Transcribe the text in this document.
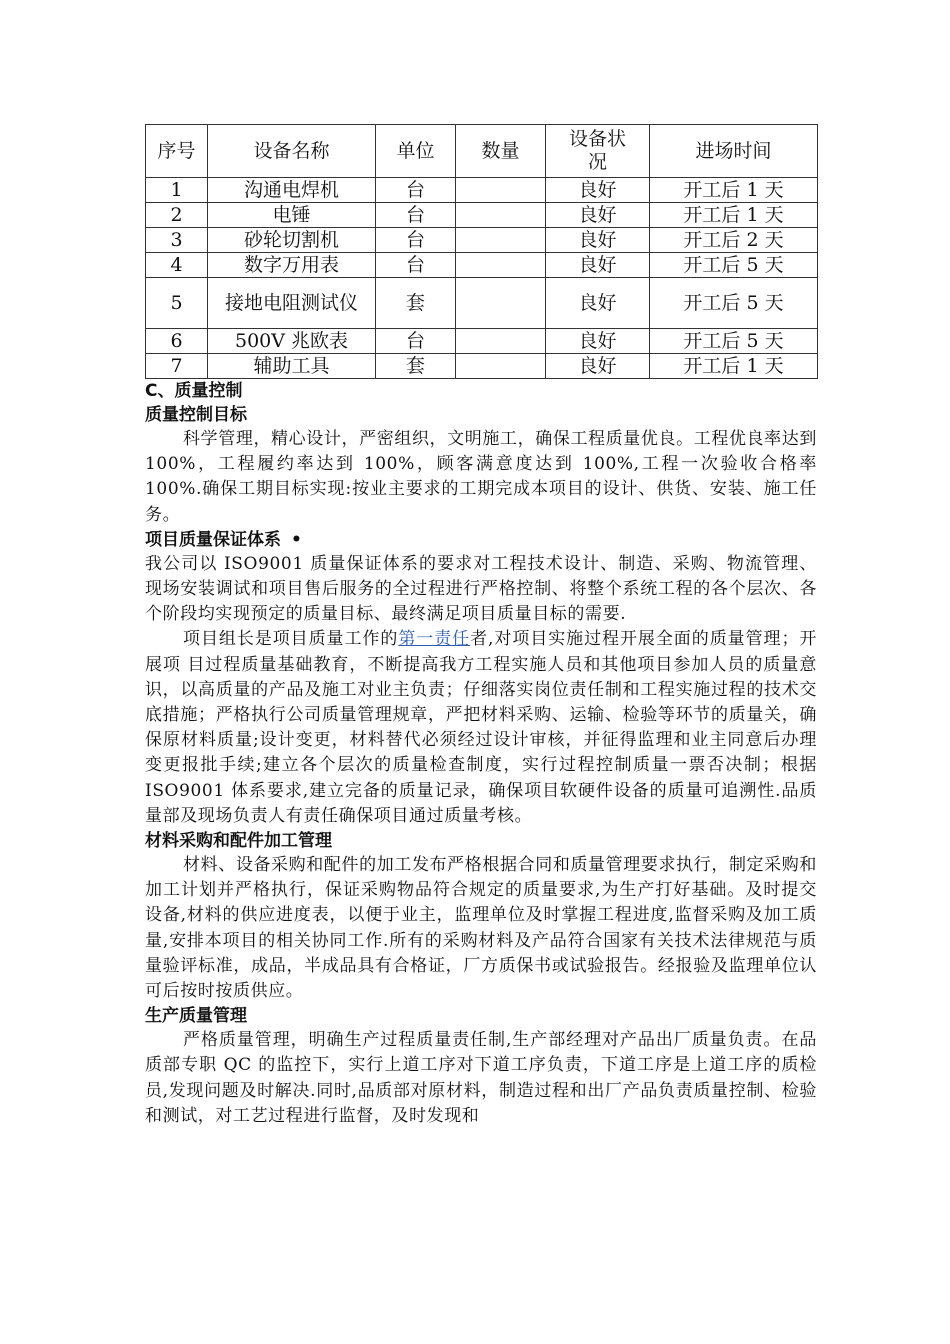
序号	设备名称	单位	数量	设备状况	进场时间
1	沟通电焊机	台		良好	开工后 1 天
2	电锤	台		良好	开工后 1 天
3	砂轮切割机	台		良好	开工后 2 天
4	数字万用表	台		良好	开工后 5 天
5	接地电阻测试仪	套		良好	开工后 5 天
6	500V 兆欧表	台		良好	开工后 5 天
7	辅助工具	套		良好	开工后 1 天

C、质量控制

质量控制目标

科学管理，精心设计，严密组织，文明施工，确保工程质量优良。工程优良率达到 100%，工程履约率达到 100%，顾客满意度达到 100%,工程一次验收合格率 100%.确保工期目标实现:按业主要求的工期完成本项目的设计、供货、安装、施工任务。

项目质量保证体系 •

我公司以 ISO9001 质量保证体系的要求对工程技术设计、制造、采购、物流管理、现场安装调试和项目售后服务的全过程进行严格控制、将整个系统工程的各个层次、各个阶段均实现预定的质量目标、最终满足项目质量目标的需要.

项目组长是项目质量工作的第一责任者,对项目实施过程开展全面的质量管理；开展项 目过程质量基础教育，不断提高我方工程实施人员和其他项目参加人员的质量意识，以高质量的产品及施工对业主负责；仔细落实岗位责任制和工程实施过程的技术交底措施；严格执行公司质量管理规章，严把材料采购、运输、检验等环节的质量关，确保原材料质量;设计变更，材料替代必须经过设计审核，并征得监理和业主同意后办理变更报批手续;建立各个层次的质量检查制度，实行过程控制质量一票否决制；根据 ISO9001 体系要求,建立完备的质量记录，确保项目软硬件设备的质量可追溯性.品质量部及现场负责人有责任确保项目通过质量考核。

材料采购和配件加工管理

材料、设备采购和配件的加工发布严格根据合同和质量管理要求执行，制定采购和加工计划并严格执行，保证采购物品符合规定的质量要求,为生产打好基础。及时提交设备,材料的供应进度表，以便于业主，监理单位及时掌握工程进度,监督采购及加工质量,安排本项目的相关协同工作.所有的采购材料及产品符合国家有关技术法律规范与质量验评标准，成品，半成品具有合格证，厂方质保书或试验报告。经报验及监理单位认可后按时按质供应。

生产质量管理

严格质量管理，明确生产过程质量责任制,生产部经理对产品出厂质量负责。在品质部专职 QC 的监控下，实行上道工序对下道工序负责，下道工序是上道工序的质检员,发现问题及时解决.同时,品质部对原材料，制造过程和出厂产品负责质量控制、检验和测试，对工艺过程进行监督，及时发现和
